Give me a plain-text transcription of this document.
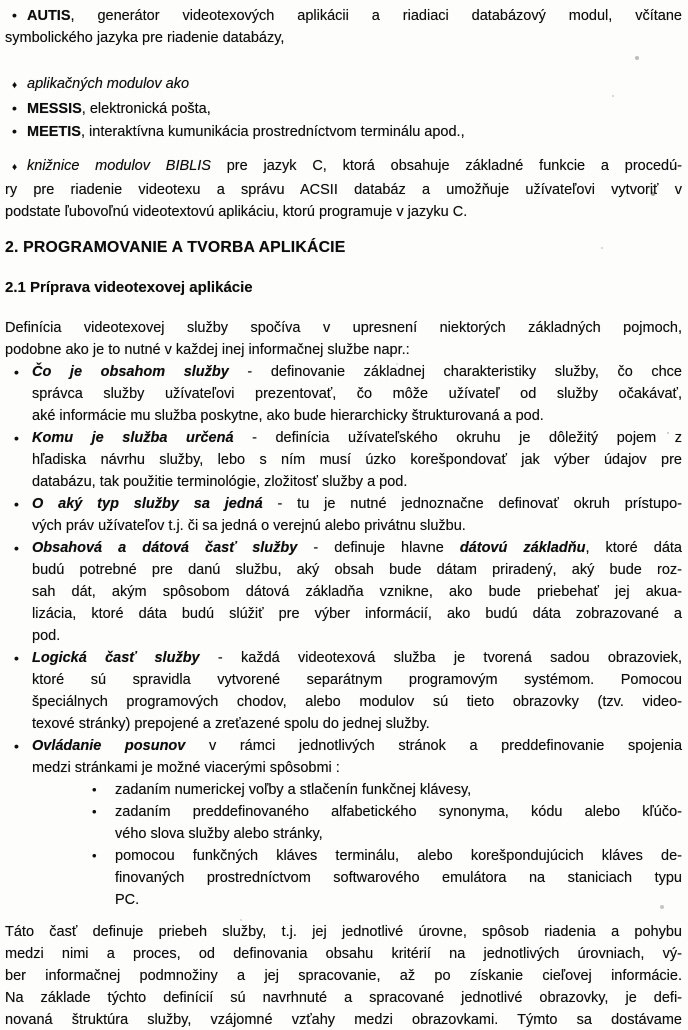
• AUTIS, generátor videotexových aplikácii a riadiaci databázový modul, včítane
symbolického jazyka pre riadenie databázy,
♦ aplikačných modulov ako
• MESSIS, elektronická pošta,
• MEETIS, interaktívna kumunikácia prostredníctvom terminálu apod.,
♦ knižnice modulov BIBLIS pre jazyk C, ktorá obsahuje základné funkcie a procedú-
ry pre riadenie videotexu a správu ACSII databáz a umožňuje užívateľovi vytvoriť v
podstate ľubovoľnú videotextovú aplikáciu, ktorú programuje v jazyku C.
2. PROGRAMOVANIE A TVORBA APLIKÁCIE
2.1 Príprava videotexovej aplikácie
Definícia videotexovej služby spočíva v upresnení niektorých základných pojmoch,
podobne ako je to nutné v každej inej informačnej službe napr.:
• Čo je obsahom služby - definovanie základnej charakteristiky služby, čo chce
správca služby užívateľovi prezentovať, čo môže užívateľ od služby očakávať,
aké informácie mu služba poskytne, ako bude hierarchicky štrukturovaná a pod.
• Komu je služba určená - definícia užívateľského okruhu je dôležitý pojem z
hľadiska návrhu služby, lebo s ním musí úzko korešpondovať jak výber údajov pre
databázu, tak použitie terminológie, zložitosť služby a pod.
• O aký typ služby sa jedná - tu je nutné jednoznačne definovať okruh prístupo-
vých práv užívateľov t.j. či sa jedná o verejnú alebo privátnu službu.
• Obsahová a dátová časť služby - definuje hlavne dátovú základňu, ktoré dáta
budú potrebné pre danú službu, aký obsah bude dátam priradený, aký bude roz-
sah dát, akým spôsobom dátová základňa vznikne, ako bude priebehať jej akua-
lizácia, ktoré dáta budú slúžiť pre výber informácií, ako budú dáta zobrazované a
pod.
• Logická časť služby - každá videotexová služba je tvorená sadou obrazoviek,
ktoré sú spravidla vytvorené separátnym programovým systémom. Pomocou
špeciálnych programových chodov, alebo modulov sú tieto obrazovky (tzv. video-
texové stránky) prepojené a zreťazené spolu do jednej služby.
• Ovládanie posunov v rámci jednotlivých stránok a preddefinovanie spojenia
medzi stránkami je možné viacerými spôsobmi :
• zadaním numerickej voľby a stlačenín funkčnej klávesy,
• zadaním preddefinovaného alfabetického synonyma, kódu alebo kľúčo-
vého slova služby alebo stránky,
• pomocou funkčných kláves terminálu, alebo korešpondujúcich kláves de-
finovaných prostredníctvom softwarového emulátora na staniciach typu
PC.
Táto časť definuje priebeh služby, t.j. jej jednotlivé úrovne, spôsob riadenia a pohybu
medzi nimi a proces, od definovania obsahu kritérií na jednotlivých úrovniach, vý-
ber informačnej podmnožiny a jej spracovanie, až po získanie cieľovej informácie.
Na základe týchto definícií sú navrhnuté a spracované jednotlivé obrazovky, je defi-
novaná štruktúra služby, vzájomné vzťahy medzi obrazovkami. Týmto sa dostávame
